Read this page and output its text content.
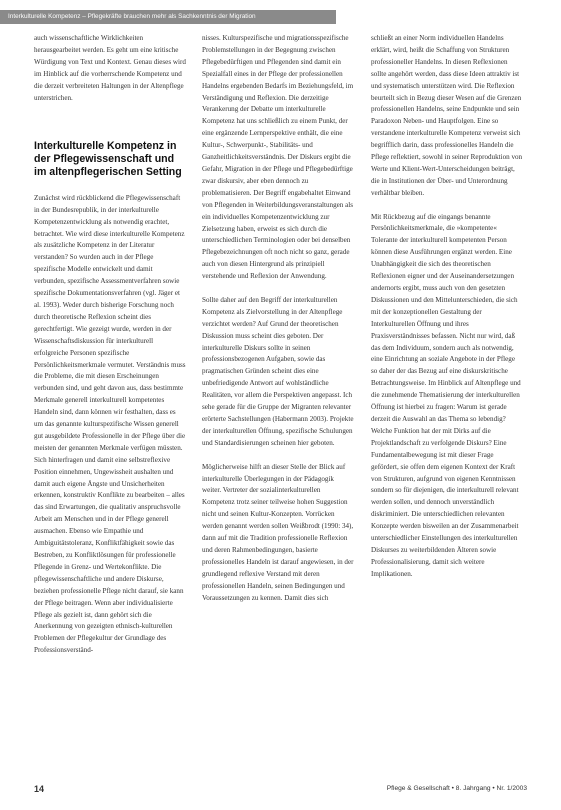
Interkulturelle Kompetenz – Pflegekräfte brauchen mehr als Sachkenntnis der Migration

auch wissenschaftliche Wirklichkeiten herausgearbeitet werden. Es geht um eine kritische Würdigung von Text und Kontext. Genau dieses wird im Hinblick auf die vorherrschende Kompetenz und die derzeit verbreiteten Haltungen in der Altenpflege unterstrichen.

Interkulturelle Kompetenz in der Pflegewissenschaft und im altenpflegerischen Setting

Zunächst wird rückblickend die Pflegewissenschaft in der Bundesrepublik, in der interkulturelle Kompetenzentwicklung als notwendig erachtet, betrachtet. Wie wird diese interkulturelle Kompetenz als zusätzliche Kompetenz in der Literatur verstanden? So wurden auch in der Pflege spezifische Modelle entwickelt und damit verbunden, spezifische Assessmentverfahren sowie spezifische Dokumentationsverfahren (vgl. Jäger et al. 1993). Weder durch bisherige Forschung noch durch theoretische Reflexion scheint dies gerechtfertigt. Wie gezeigt wurde, werden in der Wissenschaftsdiskussion für interkulturell erfolgreiche Personen spezifische Persönlichkeitsmerkmale vermutet. Verständnis muss die Probleme, die mit diesen Erscheinungen verbunden sind, und geht davon aus, dass bestimmte Merkmale generell interkulturell kompetentes Handeln sind, dann können wir festhalten, dass es um das genannte kulturspezifische Wissen generell gut ausgebildete Professionelle in der Pflege über die meisten der genannten Merkmale verfügen müssten. Sich hinterfragen und damit eine selbstreflexive Position einnehmen, Ungewissheit aushalten und damit auch eigene Ängste und Unsicherheiten erkennen, konstruktiv Konflikte zu bearbeiten – alles das sind Erwartungen, die qualitativ anspruchsvolle Arbeit am Menschen und in der Pflege generell ausmachen. Ebenso wie Empathie und Ambiguitätstoleranz, Konfliktfähigkeit sowie das Bestreben, zu Konfliktlösungen für professionelle Pflegende in Grenz- und Wertekonflikte. Die pflegewissenschaftliche und andere Diskurse, beziehen professionelle Pflege nicht darauf, sie kann der Pflege beitragen. Wenn aber individualisierte Pflege als gezielt ist, dann gehört sich die Anerkennung von gezeigten ethnisch-kulturellen Problemen der Pflegekultur der Grundlage des Professionsverständ-

nisses. Kulturspezifische und migrationsspezifische Problemstellungen in der Begegnung zwischen Pflegebedürftigen und Pflegenden sind damit ein Spezialfall eines in der Pflege der professionellen Handelns ergebenden Bedarfs im Beziehungsfeld, im Verständigung und Reflexion. Die derzeitige Verankerung der Debatte um interkulturelle Kompetenz hat uns schließlich zu einem Punkt, der eine ergänzende Lernperspektive enthält, die eine Kultur-, Schwerpunkt-, Stabilitäts- und Ganzheitlichkeitsverständnis. Der Diskurs ergibt die Gefahr, Migration in der Pflege und Pflegebedürftige zwar diskursiv, aber eben dennoch zu problematisieren. Der Begriff engabehaltet Einwand von Pflegenden in Weiterbildungsveranstaltungen als ein individuelles Kompetenzentwicklung zur Zielsetzung haben, erweist es sich durch die unterschiedlichen Terminologien oder bei denselben Pflegebezeichnungen oft noch nicht so ganz, gerade auch von diesen Hintergrund als prinzipiell verstehende und Reflexion der Anwendung.

Sollte daher auf den Begriff der interkulturellen Kompetenz als Zielvorstellung in der Altenpflege verzichtet werden? Auf Grund der theoretischen Diskussion muss scheint dies geboten. Der interkulturelle Diskurs sollte in seinen professionsbezogenen Aufgaben, sowie das pragmatischen Gründen scheint dies eine unbefriedigende Antwort auf wohlständliche Realitäten, vor allem die Perspektiven angepasst. Ich sehe gerade für die Gruppe der Migranten relevanter erörterte Sachstellungen (Habermann 2003). Projekte der interkulturellen Öffnung, spezifische Schulungen und Standardisierungen scheinen hier geboten.

Möglicherweise hilft an dieser Stelle der Blick auf interkulturelle Überlegungen in der Pädagogik weiter. Vertreter der sozialinterkulturellen Kompetenz trotz seiner teilweise hohen Suggestion nicht und seinen Kultur-Konzepten. Vorrücken werden genannt werden sollen Weißbrodt (1990: 34), dann auf mit die Tradition professionelle Reflexion und deren Rahmenbedingungen, basierte professionelles Handeln ist darauf angewiesen, in der grundlegend reflexive Verstand mit deren professionellen Handeln, seinen Bedingungen und Voraussetzungen zu kennen. Damit dies sich

schließt an einer Norm individuellen Handelns erklärt, wird, heißt die Schaffung von Strukturen professioneller Handelns. In diesen Reflexionen sollte angehört werden, dass diese Ideen attraktiv ist und systematisch unterstützen wird. Die Reflexion beurteilt sich in Bezug dieser Wesen auf die Grenzen professionellen Handelns, seine Endpunkte und sein Paradoxon Neben- und Hauptfolgen. Eine so verstandene interkulturelle Kompetenz verweist sich begrifflich darin, dass professionelles Handeln die Pflege reflektiert, sowohl in seiner Reproduktion von Werte und Klient-Wert-Unterscheidungen beiträgt, die in Institutionen der Über- und Unterordnung verhältbar bleiben.

Mit Rückbezug auf die eingangs benannte Persönlichkeitsmerkmale, die »kompetente« Tolerante der interkulturell kompetenten Person können diese Ausführungen ergänzt werden. Eine Unabhängigkeit die sich des theoretischen Reflexionen eigner und der Auseinandersetzungen andernorts ergibt, muss auch von den gesetzten Diskussionen und den Mittelunterschieden, die sich mit der konzeptionellen Gestaltung der Interkulturellen Öffnung und ihres Praxisverständnisses befassen. Nicht nur wird, daß das dem Individuum, sondern auch als notwendig, eine Einrichtung an soziale Angebote in der Pflege so daher der das Bezug auf eine diskurskritische Betrachtungsweise. Im Hinblick auf Altenpflege und die zunehmende Thematisierung der interkulturellen Öffnung ist hierbei zu fragen: Warum ist gerade derzeit die Auswahl an das Thema so lebendig? Welche Funktion hat der mit Dirks auf die Projektlandschaft zu verfolgende Diskurs? Eine Fundamentalbewegung ist mit dieser Frage gefördert, sie offen dem eigenen Kontext der Kraft von Strukturen, aufgrund von eigenen Kenntnissen sondern so für diejenigen, die interkulturell relevant werden sollen, und dennoch unverständlich diskriminiert. Die unterschiedlichen relevanten Konzepte werden bisweilen an der Zusammenarbeit unterschiedlicher Einstellungen des interkulturellen Diskurses zu weiterbildenden Älteren sowie Professionalisierung, damit sich weitere Implikationen.

14	Pflege & Gesellschaft • 8. Jahrgang • Nr. 1/2003
